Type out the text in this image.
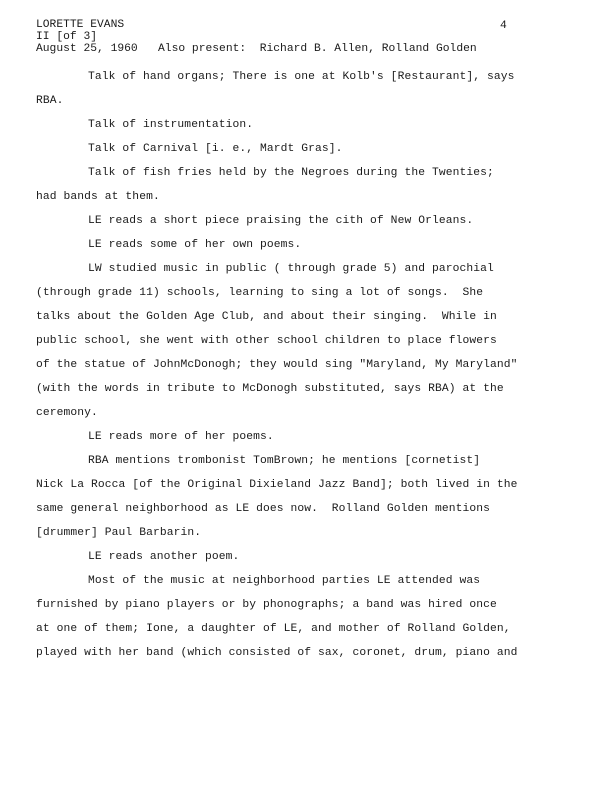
LORETTE EVANS
II [of 3]
August 25, 1960   Also present:  Richard B. Allen, Rolland Golden
4
Talk of hand organs; There is one at Kolb's [Restaurant], says
RBA.
Talk of instrumentation.
Talk of Carnival [i. e., Mardt Gras].
Talk of fish fries held by the Negroes during the Twenties;
had bands at them.
LE reads a short piece praising the cith of New Orleans.
LE reads some of her own poems.
LW studied music in public ( through grade 5) and parochial
(through grade 11) schools, learning to sing a lot of songs.  She
talks about the Golden Age Club, and about their singing.  While in
public school, she went with other school children to place flowers
of the statue of JohnMcDonogh; they would sing "Maryland, My Maryland"
(with the words in tribute to McDonogh substituted, says RBA) at the
ceremony.
LE reads more of her poems.
RBA mentions trombonist TomBrown; he mentions [cornetist]
Nick La Rocca [of the Original Dixieland Jazz Band]; both lived in the
same general neighborhood as LE does now.  Rolland Golden mentions
[drummer] Paul Barbarin.
LE reads another poem.
Most of the music at neighborhood parties LE attended was
furnished by piano players or by phonographs; a band was hired once
at one of them; Ione, a daughter of LE, and mother of Rolland Golden,
played with her band (which consisted of sax, coronet, drum, piano and
